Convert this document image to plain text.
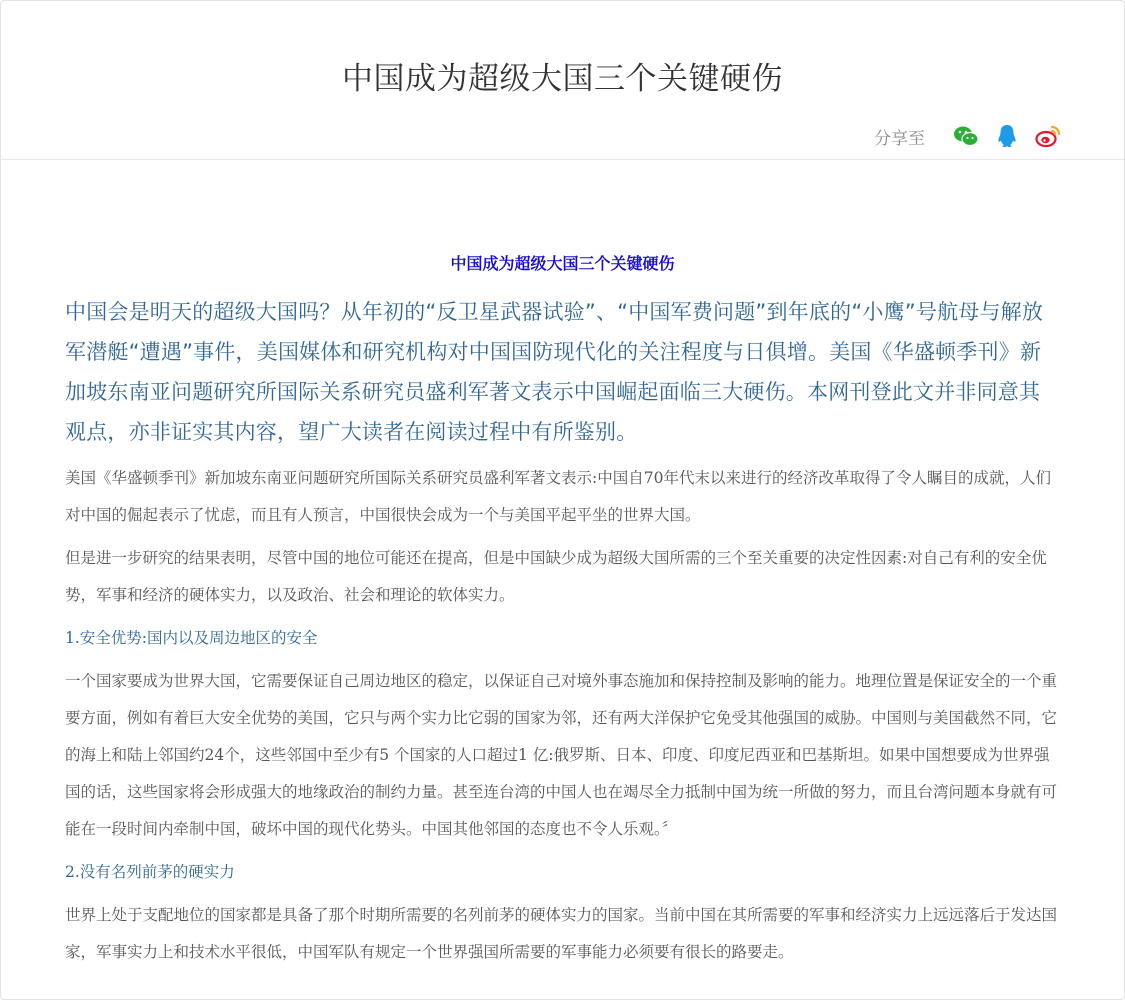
中国成为超级大国三个关键硬伤
分享至
中国成为超级大国三个关键硬伤

中国会是明天的超级大国吗？从年初的“反卫星武器试验”、“中国军费问题”到年底的“小鹰”号航母与解放军潜艇“遭遇”事件，美国媒体和研究机构对中国国防现代化的关注程度与日俱增。美国《华盛顿季刊》新加坡东南亚问题研究所国际关系研究员盛利军著文表示中国崛起面临三大硬伤。本网刊登此文并非同意其观点，亦非证实其内容，望广大读者在阅读过程中有所鉴别。

美国《华盛顿季刊》新加坡东南亚问题研究所国际关系研究员盛利军著文表示:中国自70年代末以来进行的经济改革取得了令人瞩目的成就，人们对中国的倔起表示了忧虑，而且有人预言，中国很快会成为一个与美国平起平坐的世界大国。

但是进一步研究的结果表明，尽管中国的地位可能还在提高，但是中国缺少成为超级大国所需的三个至关重要的决定性因素:对自己有利的安全优势，军事和经济的硬体实力，以及政治、社会和理论的软体实力。

1.安全优势:国内以及周边地区的安全

一个国家要成为世界大国，它需要保证自己周边地区的稳定，以保证自己对境外事态施加和保持控制及影响的能力。地理位置是保证安全的一个重要方面，例如有着巨大安全优势的美国，它只与两个实力比它弱的国家为邻，还有两大洋保护它免受其他强国的威胁。中国则与美国截然不同，它的海上和陆上邻国约24个，这些邻国中至少有5 个国家的人口超过1 亿:俄罗斯、日本、印度、印度尼西亚和巴基斯坦。如果中国想要成为世界强国的话，这些国家将会形成强大的地缘政治的制约力量。甚至连台湾的中国人也在竭尽全力抵制中国为统一所做的努力，而且台湾问题本身就有可能在一段时间内牵制中国，破坏中国的现代化势头。中国其他邻国的态度也不令人乐观。〞

2.没有名列前茅的硬实力

世界上处于支配地位的国家都是具备了那个时期所需要的名列前茅的硬体实力的国家。当前中国在其所需要的军事和经济实力上远远落后于发达国家，军事实力上和技术水平很低，中国军队有规定一个世界强国所需要的军事能力必须要有很长的路要走。
